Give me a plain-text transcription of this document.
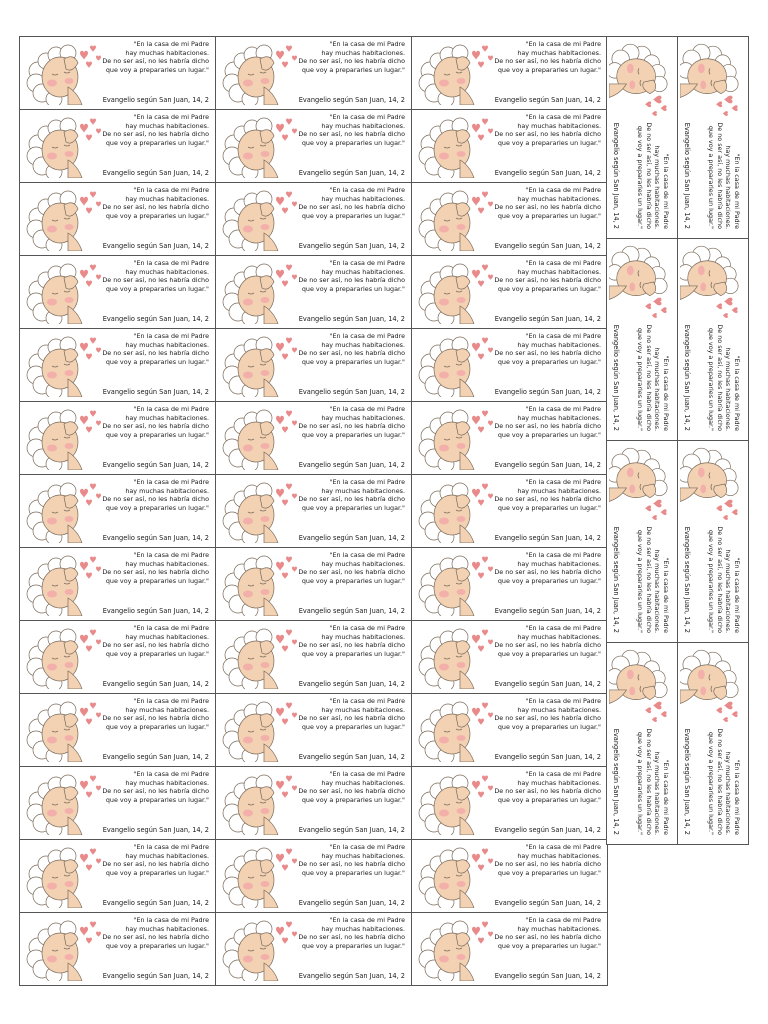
"En la casa de mi Padre
hay muchas habitaciones.
De no ser así, no les habría dicho
que voy a prepararles un lugar."
Evangelio según San Juan, 14, 2
"En la casa de mi Padre
hay muchas habitaciones.
De no ser así, no les habría dicho
que voy a prepararles un lugar."
Evangelio según San Juan, 14, 2
"En la casa de mi Padre
hay muchas habitaciones.
De no ser así, no les habría dicho
que voy a prepararles un lugar."
Evangelio según San Juan, 14, 2
"En la casa de mi Padre
hay muchas habitaciones.
De no ser así, no les habría dicho
que voy a prepararles un lugar."
Evangelio según San Juan, 14, 2
"En la casa de mi Padre
hay muchas habitaciones.
De no ser así, no les habría dicho
que voy a prepararles un lugar."
Evangelio según San Juan, 14, 2
"En la casa de mi Padre
hay muchas habitaciones.
De no ser así, no les habría dicho
que voy a prepararles un lugar."
Evangelio según San Juan, 14, 2
"En la casa de mi Padre
hay muchas habitaciones.
De no ser así, no les habría dicho
que voy a prepararles un lugar."
Evangelio según San Juan, 14, 2
"En la casa de mi Padre
hay muchas habitaciones.
De no ser así, no les habría dicho
que voy a prepararles un lugar."
Evangelio según San Juan, 14, 2
"En la casa de mi Padre
hay muchas habitaciones.
De no ser así, no les habría dicho
que voy a prepararles un lugar."
Evangelio según San Juan, 14, 2
"En la casa de mi Padre
hay muchas habitaciones.
De no ser así, no les habría dicho
que voy a prepararles un lugar."
Evangelio según San Juan, 14, 2
"En la casa de mi Padre
hay muchas habitaciones.
De no ser así, no les habría dicho
que voy a prepararles un lugar."
Evangelio según San Juan, 14, 2
"En la casa de mi Padre
hay muchas habitaciones.
De no ser así, no les habría dicho
que voy a prepararles un lugar."
Evangelio según San Juan, 14, 2
"En la casa de mi Padre
hay muchas habitaciones.
De no ser así, no les habría dicho
que voy a prepararles un lugar."
Evangelio según San Juan, 14, 2
"En la casa de mi Padre
hay muchas habitaciones.
De no ser así, no les habría dicho
que voy a prepararles un lugar."
Evangelio según San Juan, 14, 2
"En la casa de mi Padre
hay muchas habitaciones.
De no ser así, no les habría dicho
que voy a prepararles un lugar."
Evangelio según San Juan, 14, 2
"En la casa de mi Padre
hay muchas habitaciones.
De no ser así, no les habría dicho
que voy a prepararles un lugar."
Evangelio según San Juan, 14, 2
"En la casa de mi Padre
hay muchas habitaciones.
De no ser así, no les habría dicho
que voy a prepararles un lugar."
Evangelio según San Juan, 14, 2
"En la casa de mi Padre
hay muchas habitaciones.
De no ser así, no les habría dicho
que voy a prepararles un lugar."
Evangelio según San Juan, 14, 2
"En la casa de mi Padre
hay muchas habitaciones.
De no ser así, no les habría dicho
que voy a prepararles un lugar."
Evangelio según San Juan, 14, 2
"En la casa de mi Padre
hay muchas habitaciones.
De no ser así, no les habría dicho
que voy a prepararles un lugar."
Evangelio según San Juan, 14, 2
"En la casa de mi Padre
hay muchas habitaciones.
De no ser así, no les habría dicho
que voy a prepararles un lugar."
Evangelio según San Juan, 14, 2
"En la casa de mi Padre
hay muchas habitaciones.
De no ser así, no les habría dicho
que voy a prepararles un lugar."
Evangelio según San Juan, 14, 2
"En la casa de mi Padre
hay muchas habitaciones.
De no ser así, no les habría dicho
que voy a prepararles un lugar."
Evangelio según San Juan, 14, 2
"En la casa de mi Padre
hay muchas habitaciones.
De no ser así, no les habría dicho
que voy a prepararles un lugar."
Evangelio según San Juan, 14, 2
"En la casa de mi Padre
hay muchas habitaciones.
De no ser así, no les habría dicho
que voy a prepararles un lugar."
Evangelio según San Juan, 14, 2
"En la casa de mi Padre
hay muchas habitaciones.
De no ser así, no les habría dicho
que voy a prepararles un lugar."
Evangelio según San Juan, 14, 2
"En la casa de mi Padre
hay muchas habitaciones.
De no ser así, no les habría dicho
que voy a prepararles un lugar."
Evangelio según San Juan, 14, 2
"En la casa de mi Padre
hay muchas habitaciones.
De no ser así, no les habría dicho
que voy a prepararles un lugar."
Evangelio según San Juan, 14, 2
"En la casa de mi Padre
hay muchas habitaciones.
De no ser así, no les habría dicho
que voy a prepararles un lugar."
Evangelio según San Juan, 14, 2
"En la casa de mi Padre
hay muchas habitaciones.
De no ser así, no les habría dicho
que voy a prepararles un lugar."
Evangelio según San Juan, 14, 2
"En la casa de mi Padre
hay muchas habitaciones.
De no ser así, no les habría dicho
que voy a prepararles un lugar."
Evangelio según San Juan, 14, 2
"En la casa de mi Padre
hay muchas habitaciones.
De no ser así, no les habría dicho
que voy a prepararles un lugar."
Evangelio según San Juan, 14, 2
"En la casa de mi Padre
hay muchas habitaciones.
De no ser así, no les habría dicho
que voy a prepararles un lugar."
Evangelio según San Juan, 14, 2
"En la casa de mi Padre
hay muchas habitaciones.
De no ser así, no les habría dicho
que voy a prepararles un lugar."
Evangelio según San Juan, 14, 2
"En la casa de mi Padre
hay muchas habitaciones.
De no ser así, no les habría dicho
que voy a prepararles un lugar."
Evangelio según San Juan, 14, 2
"En la casa de mi Padre
hay muchas habitaciones.
De no ser así, no les habría dicho
que voy a prepararles un lugar."
Evangelio según San Juan, 14, 2
"En la casa de mi Padre
hay muchas habitaciones.
De no ser así, no les habría dicho
que voy a prepararles un lugar."
Evangelio según San Juan, 14, 2
"En la casa de mi Padre
hay muchas habitaciones.
De no ser así, no les habría dicho
que voy a prepararles un lugar."
Evangelio según San Juan, 14, 2
"En la casa de mi Padre
hay muchas habitaciones.
De no ser así, no les habría dicho
que voy a prepararles un lugar."
Evangelio según San Juan, 14, 2
"En la casa de mi Padre
hay muchas habitaciones.
De no ser así, no les habría dicho
que voy a prepararles un lugar."
Evangelio según San Juan, 14, 2	"En la casa de mi Padre
hay muchas habitaciones.
De no ser así, no les habría dicho
que voy a prepararles un lugar."
Evangelio según San Juan, 14, 2
"En la casa de mi Padre
hay muchas habitaciones.
De no ser así, no les habría dicho
que voy a prepararles un lugar."
Evangelio según San Juan, 14, 2	"En la casa de mi Padre
hay muchas habitaciones.
De no ser así, no les habría dicho
que voy a prepararles un lugar."
Evangelio según San Juan, 14, 2
"En la casa de mi Padre
hay muchas habitaciones.
De no ser así, no les habría dicho
que voy a prepararles un lugar."
Evangelio según San Juan, 14, 2	"En la casa de mi Padre
hay muchas habitaciones.
De no ser así, no les habría dicho
que voy a prepararles un lugar."
Evangelio según San Juan, 14, 2
"En la casa de mi Padre
hay muchas habitaciones.
De no ser así, no les habría dicho
que voy a prepararles un lugar."
Evangelio según San Juan, 14, 2	"En la casa de mi Padre
hay muchas habitaciones.
De no ser así, no les habría dicho
que voy a prepararles un lugar."
Evangelio según San Juan, 14, 2
